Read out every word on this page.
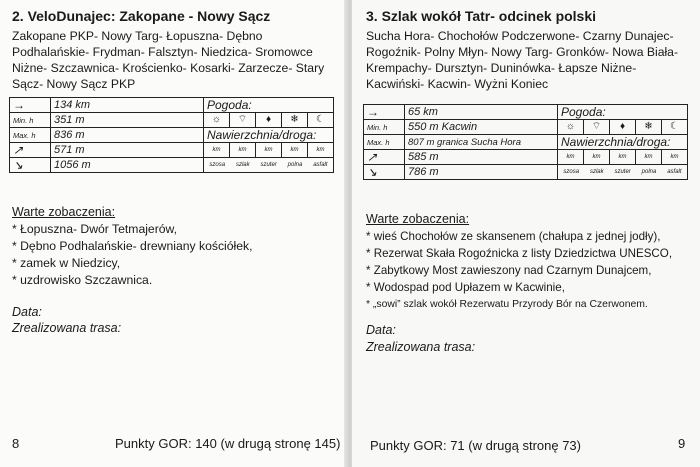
2. VeloDunajec: Zakopane - Nowy Sącz
Zakopane PKP- Nowy Targ- Łopuszna- Dębno
Podhalańskie- Frydman- Falsztyn- Niedzica- Sromowce
Niżne- Szczawnica- Krościenko- Kosarki- Zarzecze- Stary
Sącz- Nowy Sącz PKP
→	134 km	Pogoda:
Min. h	351 m	☼ ⌔ ♦ ❄ ☾

Max. h	836 m	Nawierzchnia/droga:
↗	571 m	km km km km km

↘	1056 m	szosa szlak szuter polna asfalt
Warte zobaczenia:
* Łopuszna- Dwór Tetmajerów,
* Dębno Podhalańskie- drewniany kościółek,
* zamek w Niedzicy,
* uzdrowisko Szczawnica.
Data:
Zrealizowana trasa:
8	Punkty GOR: 140 (w drugą stronę 145)
3. Szlak wokół Tatr- odcinek polski
Sucha Hora- Chochołów Podczerwone- Czarny Dunajec-
Rogoźnik- Polny Młyn- Nowy Targ- Gronków- Nowa Biała-
Krempachy- Dursztyn- Duninówka- Łapsze Niżne-
Kacwiński- Kacwin- Wyżni Koniec
→	65 km	Pogoda:
Min. h	550 m Kacwin	☼ ⌔ ♦ ❄ ☾

Max. h	807 m granica Sucha Hora	Nawierzchnia/droga:
↗	585 m	km km km km km

↘	786 m	szosa szlak szuter polna asfalt
Warte zobaczenia:
* wieś Chochołów ze skansenem (chałupa z jednej jodły),
* Rezerwat Skała Rogoźnicka z listy Dziedzictwa UNESCO,
* Zabytkowy Most zawieszony nad Czarnym Dunajcem,
* Wodospad pod Upłazem w Kacwinie,
* „sowi” szlak wokół Rezerwatu Przyrody Bór na Czerwonem.
Data:
Zrealizowana trasa:
Punkty GOR: 71 (w drugą stronę 73)	9
